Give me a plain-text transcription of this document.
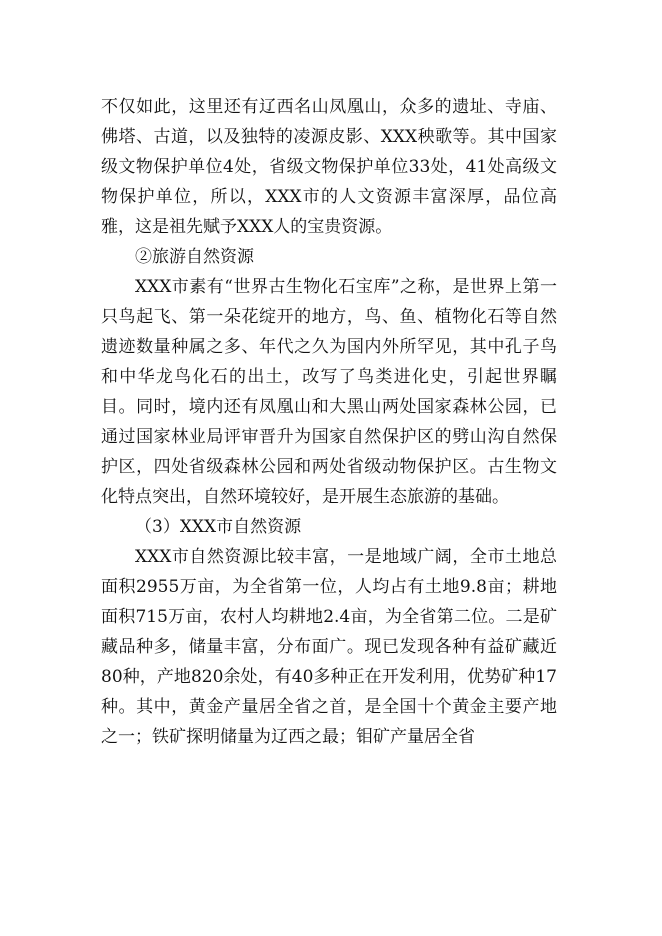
不仅如此，这里还有辽西名山凤凰山，众多的遗址、寺庙、佛塔、古道，以及独特的凌源皮影、XXX秧歌等。其中国家级文物保护单位4处，省级文物保护单位33处，41处高级文物保护单位，所以，XXX市的人文资源丰富深厚，品位高雅，这是祖先赋予XXX人的宝贵资源。

②旅游自然资源

XXX市素有“世界古生物化石宝库”之称，是世界上第一只鸟起飞、第一朵花绽开的地方，鸟、鱼、植物化石等自然遗迹数量种属之多、年代之久为国内外所罕见，其中孔子鸟和中华龙鸟化石的出土，改写了鸟类进化史，引起世界瞩目。同时，境内还有凤凰山和大黑山两处国家森林公园，已通过国家林业局评审晋升为国家自然保护区的劈山沟自然保护区，四处省级森林公园和两处省级动物保护区。古生物文化特点突出，自然环境较好，是开展生态旅游的基础。

（3）XXX市自然资源

XXX市自然资源比较丰富，一是地域广阔，全市土地总面积2955万亩，为全省第一位，人均占有土地9.8亩；耕地面积715万亩，农村人均耕地2.4亩，为全省第二位。二是矿藏品种多，储量丰富，分布面广。现已发现各种有益矿藏近80种，产地820余处，有40多种正在开发利用，优势矿种17种。其中，黄金产量居全省之首，是全国十个黄金主要产地之一；铁矿探明储量为辽西之最；钼矿产量居全省
